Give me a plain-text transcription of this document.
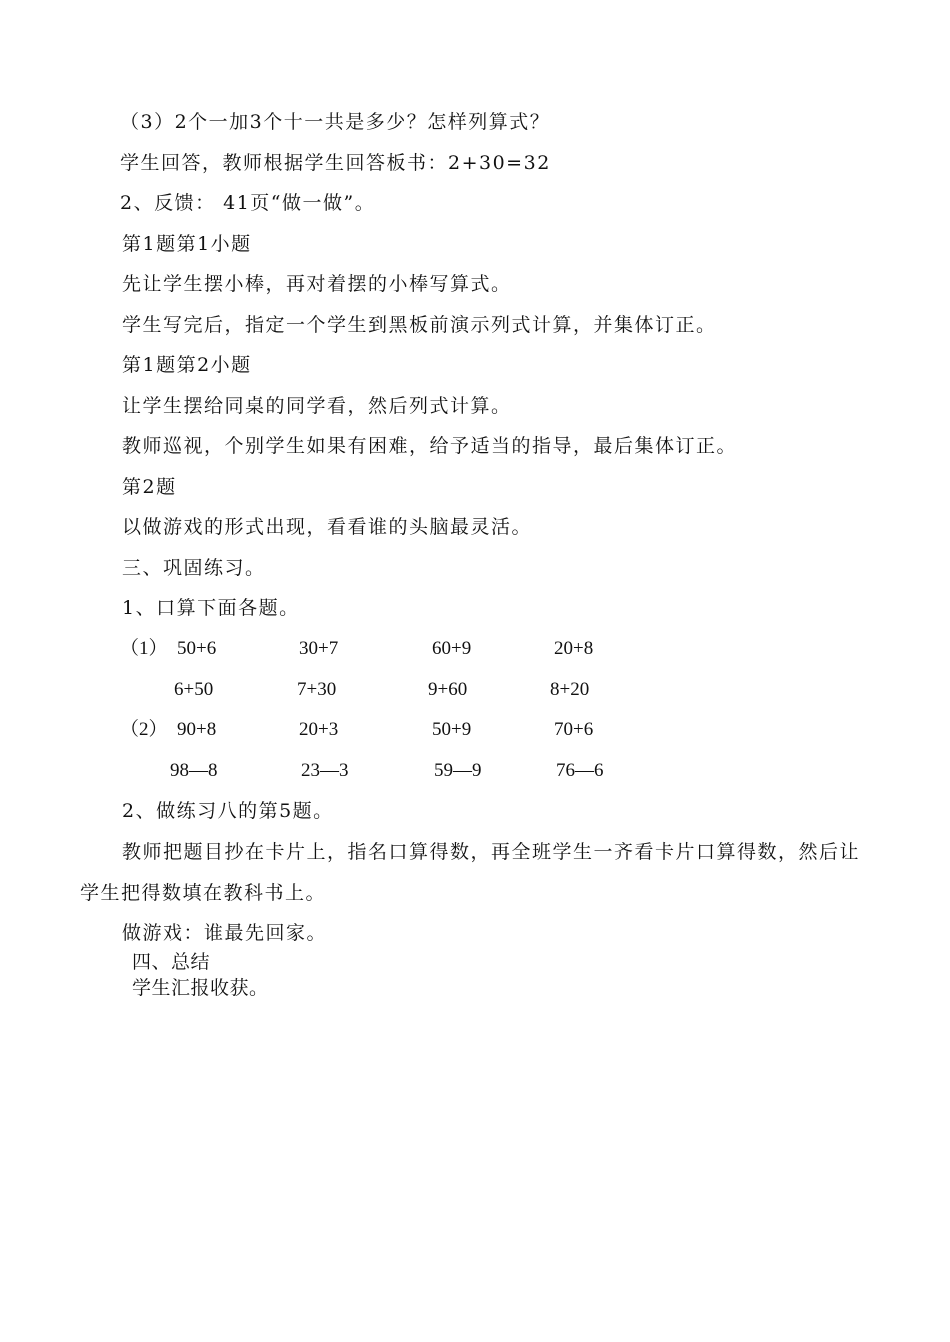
（3）2个一加3个十一共是多少？怎样列算式？
学生回答，教师根据学生回答板书：2+30=32
2、反馈： 41页“做一做”。
第1题第1小题
先让学生摆小棒，再对着摆的小棒写算式。
学生写完后，指定一个学生到黑板前演示列式计算，并集体订正。
第1题第2小题
让学生摆给同桌的同学看，然后列式计算。
教师巡视，个别学生如果有困难，给予适当的指导，最后集体订正。
第2题
以做游戏的形式出现，看看谁的头脑最灵活。
三、巩固练习。
1、口算下面各题。
（1） 50+6	30+7	60+9	20+8
6+50	7+30	9+60	8+20
（2） 90+8	20+3	50+9	70+6
98—8	23—3	59—9	76—6
2、做练习八的第5题。
教师把题目抄在卡片上，指名口算得数，再全班学生一齐看卡片口算得数，然后让学生把得数填在教科书上。
做游戏：谁最先回家。
四、总结
学生汇报收获。
